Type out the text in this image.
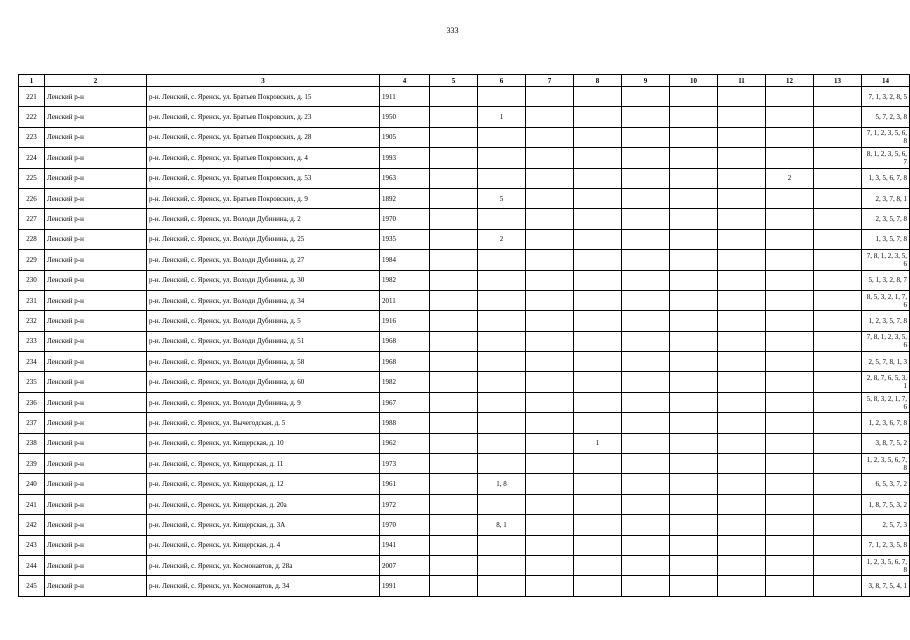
333
1	2	3	4	5	6	7	8	9	10	11	12	13	14
221	Ленский р-н	р-н. Ленский, с. Яренск, ул. Братьев Покровских, д. 15	1911										7, 1, 3, 2, 8, 5
222	Ленский р-н	р-н. Ленский, с. Яренск, ул. Братьев Покровских, д. 23	1950		1								5, 7, 2, 3, 8
223	Ленский р-н	р-н. Ленский, с. Яренск, ул. Братьев Покровских, д. 28	1905										7, 1, 2, 3, 5, 6, 8
224	Ленский р-н	р-н. Ленский, с. Яренск, ул. Братьев Покровских, д. 4	1993										8, 1, 2, 3, 5, 6, 7
225	Ленский р-н	р-н. Ленский, с. Яренск, ул. Братьев Покровских, д. 53	1963								2		1, 3, 5, 6, 7, 8
226	Ленский р-н	р-н. Ленский, с. Яренск, ул. Братьев Покровских, д. 9	1892		5								2, 3, 7, 8, 1
227	Ленский р-н	р-н. Ленский, с. Яренск, ул. Володи Дубинина, д. 2	1970										2, 3, 5, 7, 8
228	Ленский р-н	р-н. Ленский, с. Яренск, ул. Володи Дубинина, д. 25	1935		2								1, 3, 5, 7, 8
229	Ленский р-н	р-н. Ленский, с. Яренск, ул. Володи Дубинина, д. 27	1984										7, 8, 1, 2, 3, 5, 6
230	Ленский р-н	р-н. Ленский, с. Яренск, ул. Володи Дубинина, д. 30	1982										5, 1, 3, 2, 8, 7
231	Ленский р-н	р-н. Ленский, с. Яренск, ул. Володи Дубинина, д. 34	2011										8, 5, 3, 2, 1, 7, 6
232	Ленский р-н	р-н. Ленский, с. Яренск, ул. Володи Дубинина, д. 5	1916										1, 2, 3, 5, 7, 8
233	Ленский р-н	р-н. Ленский, с. Яренск, ул. Володи Дубинина, д. 51	1968										7, 8, 1, 2, 3, 5, 6
234	Ленский р-н	р-н. Ленский, с. Яренск, ул. Володи Дубинина, д. 58	1968										2, 5, 7, 8, 1, 3
235	Ленский р-н	р-н. Ленский, с. Яренск, ул. Володи Дубинина, д. 60	1982										2, 8, 7, 6, 5, 3, 1
236	Ленский р-н	р-н. Ленский, с. Яренск, ул. Володи Дубинина, д. 9	1967										5, 8, 3, 2, 1, 7, 6
237	Ленский р-н	р-н. Ленский, с. Яренск, ул. Вычегодская, д. 5	1988										1, 2, 3, 6, 7, 8
238	Ленский р-н	р-н. Ленский, с. Яренск, ул. Кищерская, д. 10	1962				1						3, 8, 7, 5, 2
239	Ленский р-н	р-н. Ленский, с. Яренск, ул. Кищерская, д. 11	1973										1, 2, 3, 5, 6, 7, 8
240	Ленский р-н	р-н. Ленский, с. Яренск, ул. Кищерская, д. 12	1961		1, 8								6, 5, 3, 7, 2
241	Ленский р-н	р-н. Ленский, с. Яренск, ул. Кищерская, д. 20а	1972										1, 8, 7, 5, 3, 2
242	Ленский р-н	р-н. Ленский, с. Яренск, ул. Кищерская, д. 3А	1970		8, 1								2, 5, 7, 3
243	Ленский р-н	р-н. Ленский, с. Яренск, ул. Кищерская, д. 4	1941										7, 1, 2, 3, 5, 8
244	Ленский р-н	р-н. Ленский, с. Яренск, ул. Космонавтов, д. 28а	2007										1, 2, 3, 5, 6, 7, 8
245	Ленский р-н	р-н. Ленский, с. Яренск, ул. Космонавтов, д. 34	1991										3, 8, 7, 5, 4, 1
